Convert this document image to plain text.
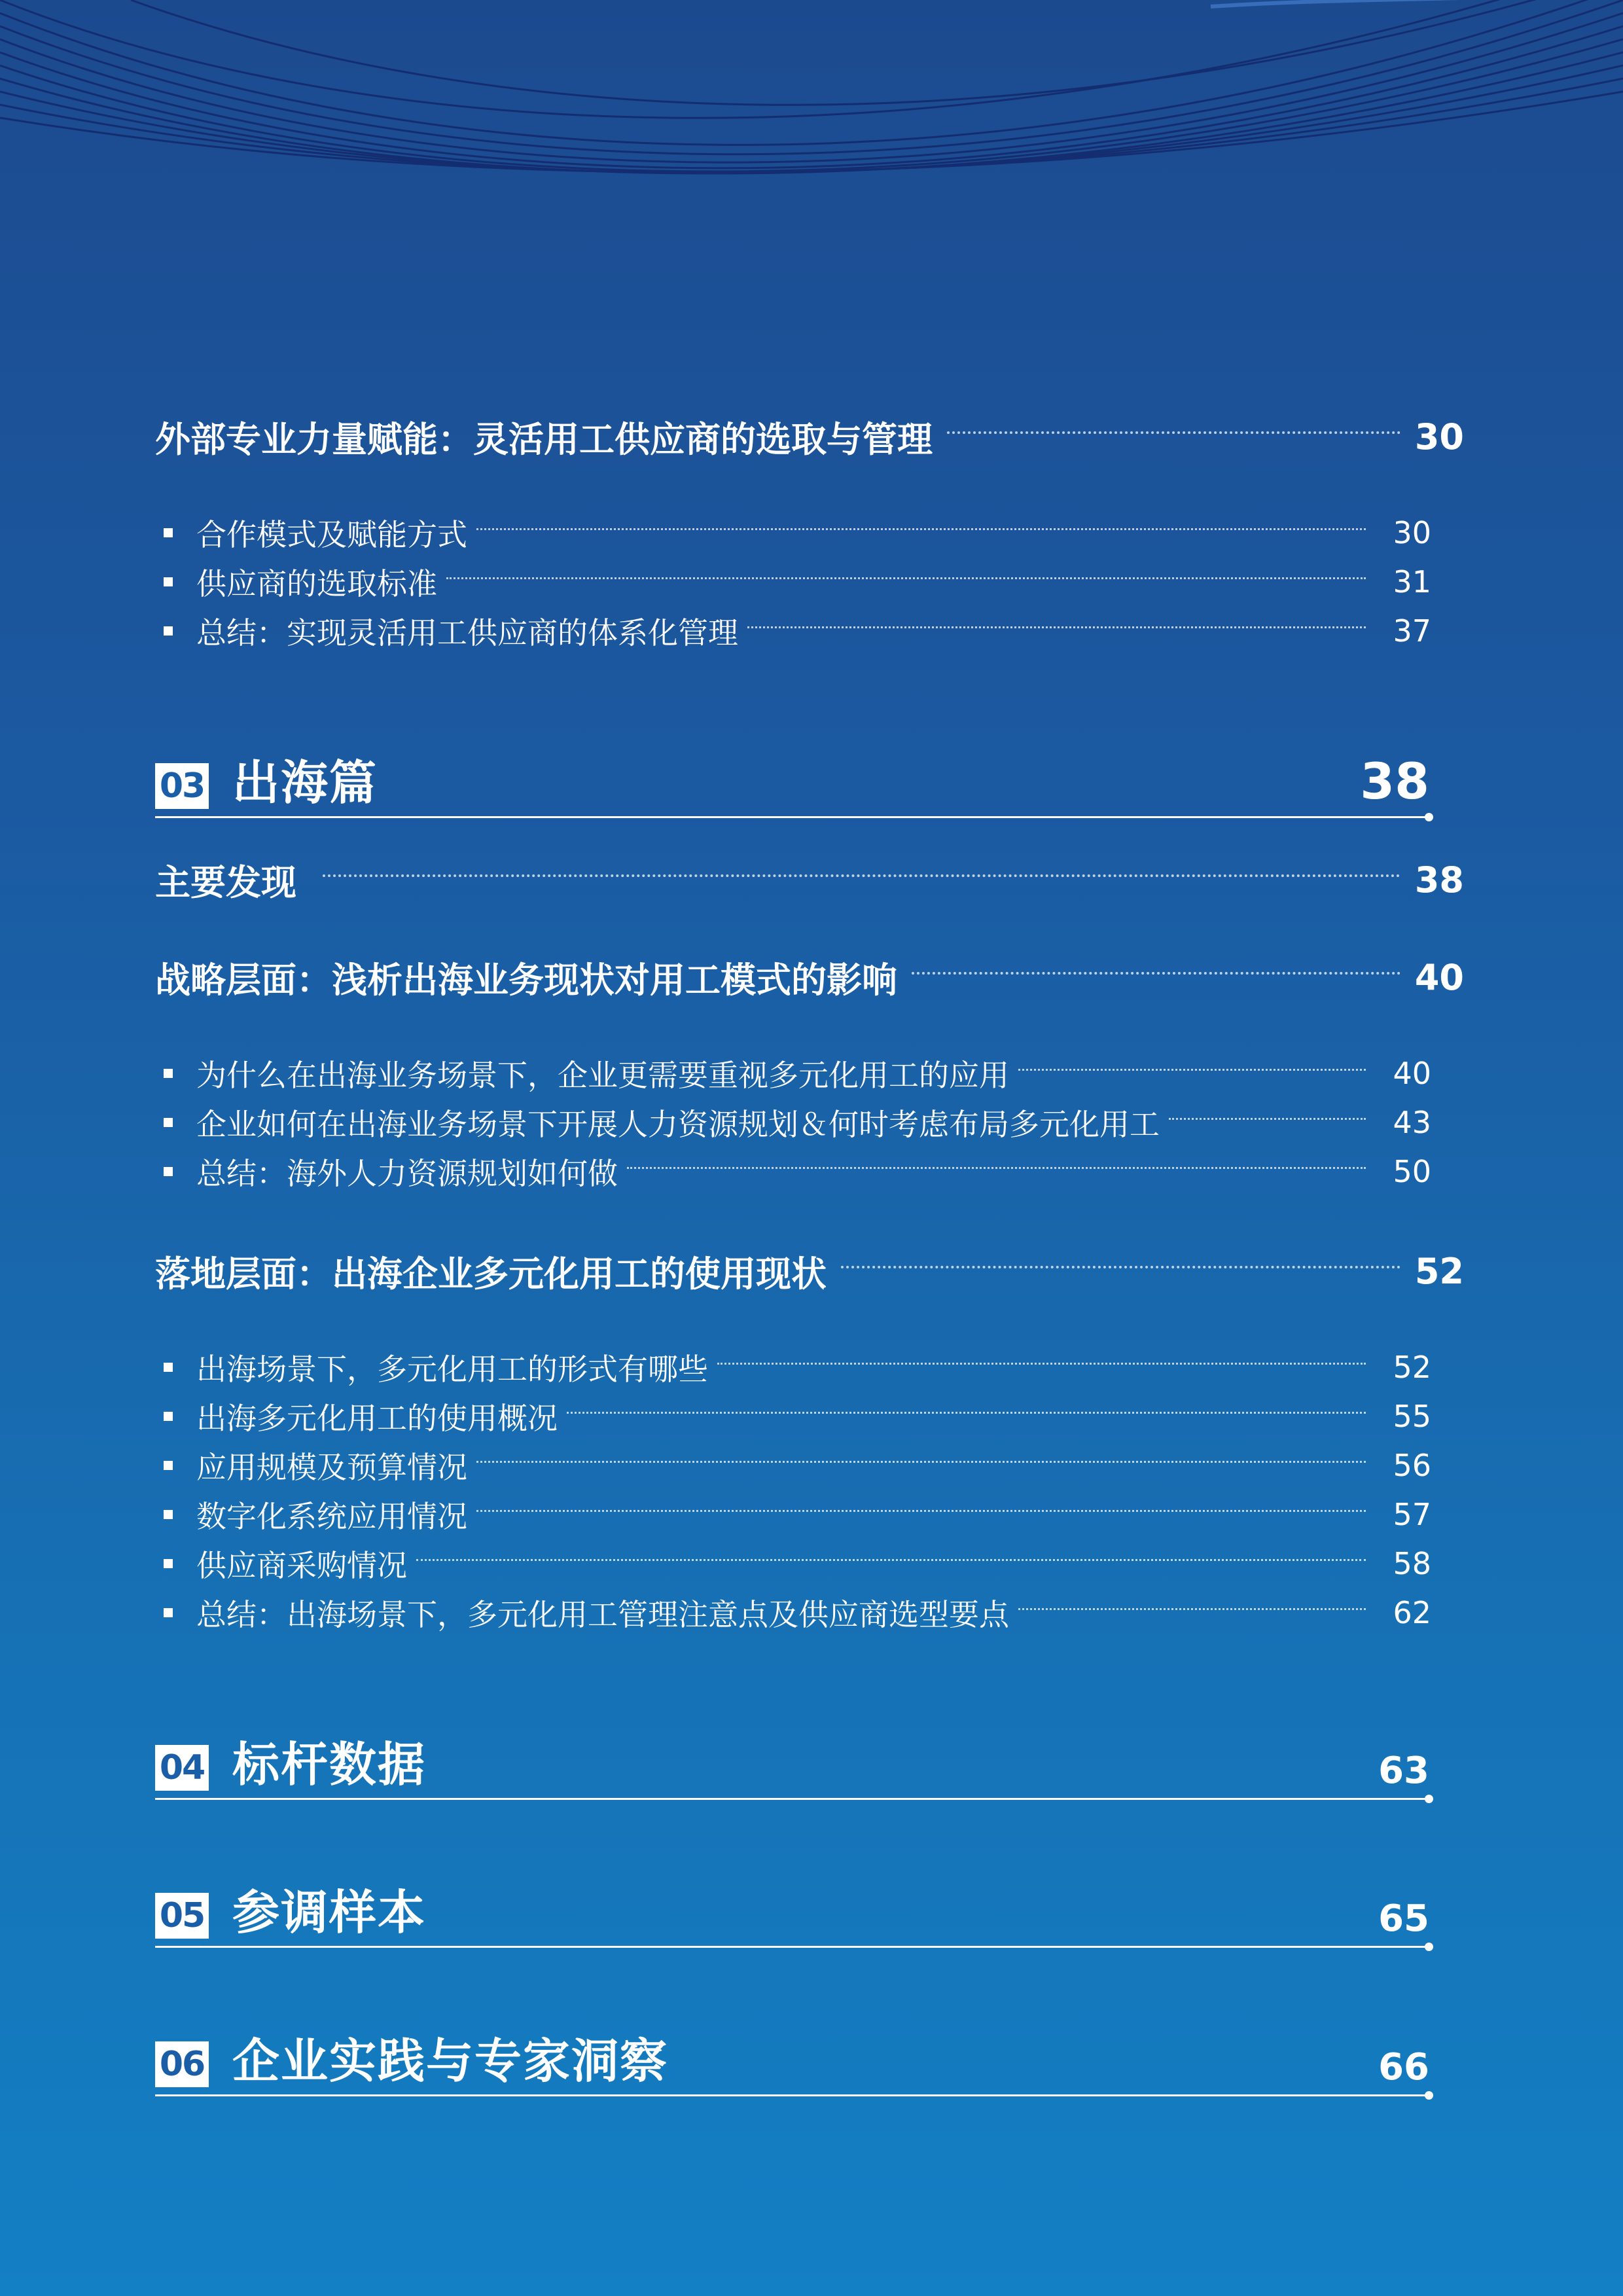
外部专业力量赋能：灵活用工供应商的选取与管理	30
合作模式及赋能方式	30
供应商的选取标准	31
总结：实现灵活用工供应商的体系化管理	37
03 出海篇	38
主要发现	38
战略层面：浅析出海业务现状对用工模式的影响	40
为什么在出海业务场景下，企业更需要重视多元化用工的应用	40
企业如何在出海业务场景下开展人力资源规划＆何时考虑布局多元化用工	43
总结：海外人力资源规划如何做	50
落地层面：出海企业多元化用工的使用现状	52
出海场景下，多元化用工的形式有哪些	52
出海多元化用工的使用概况	55
应用规模及预算情况	56
数字化系统应用情况	57
供应商采购情况	58
总结：出海场景下，多元化用工管理注意点及供应商选型要点	62
04 标杆数据	63
05 参调样本	65
06 企业实践与专家洞察	66
